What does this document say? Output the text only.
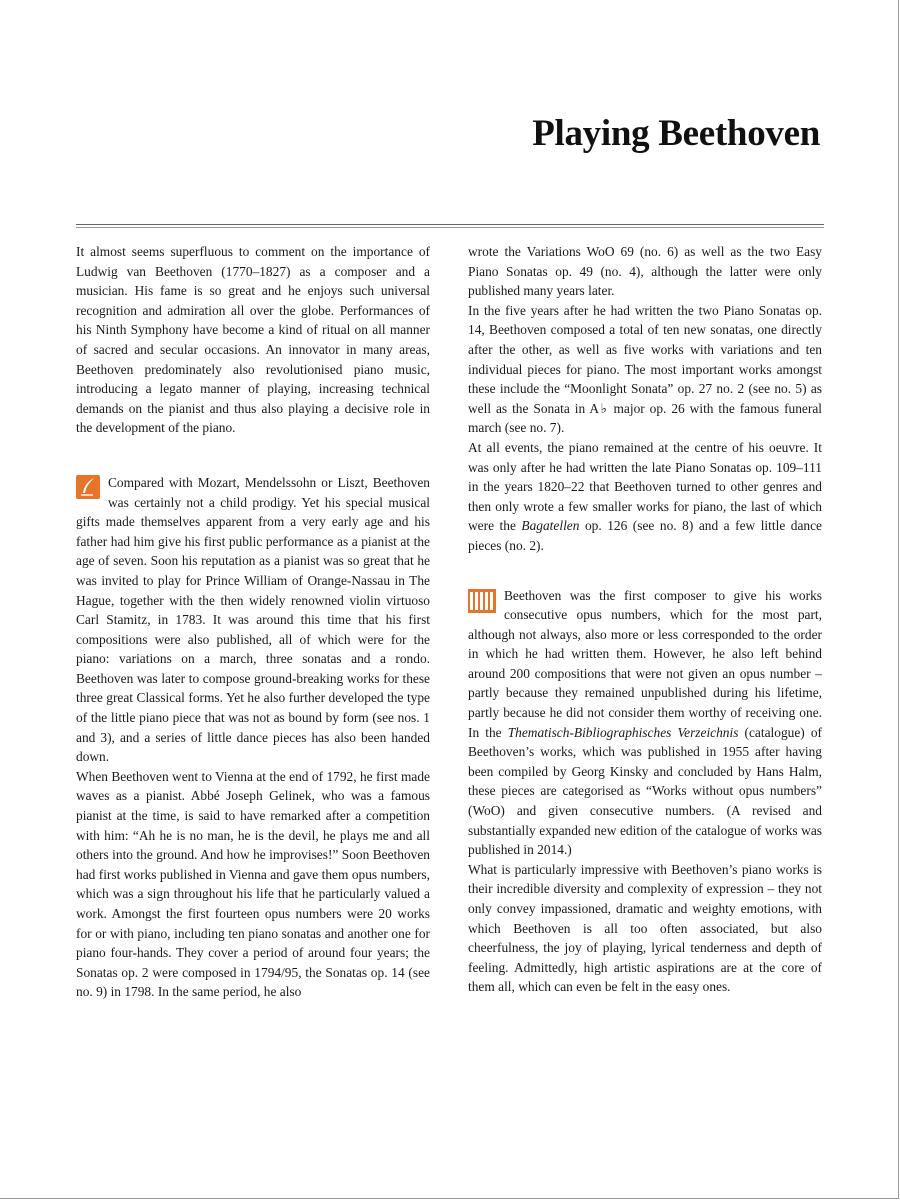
Playing Beethoven

It almost seems superfluous to comment on the importance of Ludwig van Beethoven (1770–1827) as a composer and a musician. His fame is so great and he enjoys such universal recognition and admiration all over the globe. Performances of his Ninth Symphony have become a kind of ritual on all manner of sacred and secular occasions. An innovator in many areas, Beethoven predominately also revolutionised piano music, introducing a legato manner of playing, increasing technical demands on the pianist and thus also playing a decisive role in the development of the piano.

Compared with Mozart, Mendelssohn or Liszt, Beethoven was certainly not a child prodigy. Yet his special musical gifts made themselves apparent from a very early age and his father had him give his first public performance as a pianist at the age of seven. Soon his reputation as a pianist was so great that he was invited to play for Prince William of Orange-Nassau in The Hague, together with the then widely renowned violin virtuoso Carl Stamitz, in 1783. It was around this time that his first compositions were also published, all of which were for the piano: variations on a march, three sonatas and a rondo. Beethoven was later to compose ground-breaking works for these three great Classical forms. Yet he also further developed the type of the little piano piece that was not as bound by form (see nos. 1 and 3), and a series of little dance pieces has also been handed down.

When Beethoven went to Vienna at the end of 1792, he first made waves as a pianist. Abbé Joseph Gelinek, who was a famous pianist at the time, is said to have remarked after a competition with him: “Ah he is no man, he is the devil, he plays me and all others into the ground. And how he improvises!” Soon Beethoven had first works published in Vienna and gave them opus numbers, which was a sign throughout his life that he particularly valued a work. Amongst the first fourteen opus numbers were 20 works for or with piano, including ten piano sonatas and another one for piano four-hands. They cover a period of around four years; the Sonatas op. 2 were composed in 1794/95, the Sonatas op. 14 (see no. 9) in 1798. In the same period, he also

wrote the Variations WoO 69 (no. 6) as well as the two Easy Piano Sonatas op. 49 (no. 4), although the latter were only published many years later.

In the five years after he had written the two Piano Sonatas op. 14, Beethoven composed a total of ten new sonatas, one directly after the other, as well as five works with variations and ten individual pieces for piano. The most important works amongst these include the “Moonlight Sonata” op. 27 no. 2 (see no. 5) as well as the Sonata in A♭ major op. 26 with the famous funeral march (see no. 7).

At all events, the piano remained at the centre of his oeuvre. It was only after he had written the late Piano Sonatas op. 109–111 in the years 1820–22 that Beethoven turned to other genres and then only wrote a few smaller works for piano, the last of which were the Bagatellen op. 126 (see no. 8) and a few little dance pieces (no. 2).

Beethoven was the first composer to give his works consecutive opus numbers, which for the most part, although not always, also more or less corresponded to the order in which he had written them. However, he also left behind around 200 compositions that were not given an opus number – partly because they remained unpublished during his lifetime, partly because he did not consider them worthy of receiving one. In the Thematisch-Bibliographisches Verzeichnis (catalogue) of Beethoven’s works, which was published in 1955 after having been compiled by Georg Kinsky and concluded by Hans Halm, these pieces are categorised as “Works without opus numbers” (WoO) and given consecutive numbers. (A revised and substantially expanded new edition of the catalogue of works was published in 2014.)

What is particularly impressive with Beethoven’s piano works is their incredible diversity and complexity of expression – they not only convey impassioned, dramatic and weighty emotions, with which Beethoven is all too often associated, but also cheerfulness, the joy of playing, lyrical tenderness and depth of feeling. Admittedly, high artistic aspirations are at the core of them all, which can even be felt in the easy ones.
